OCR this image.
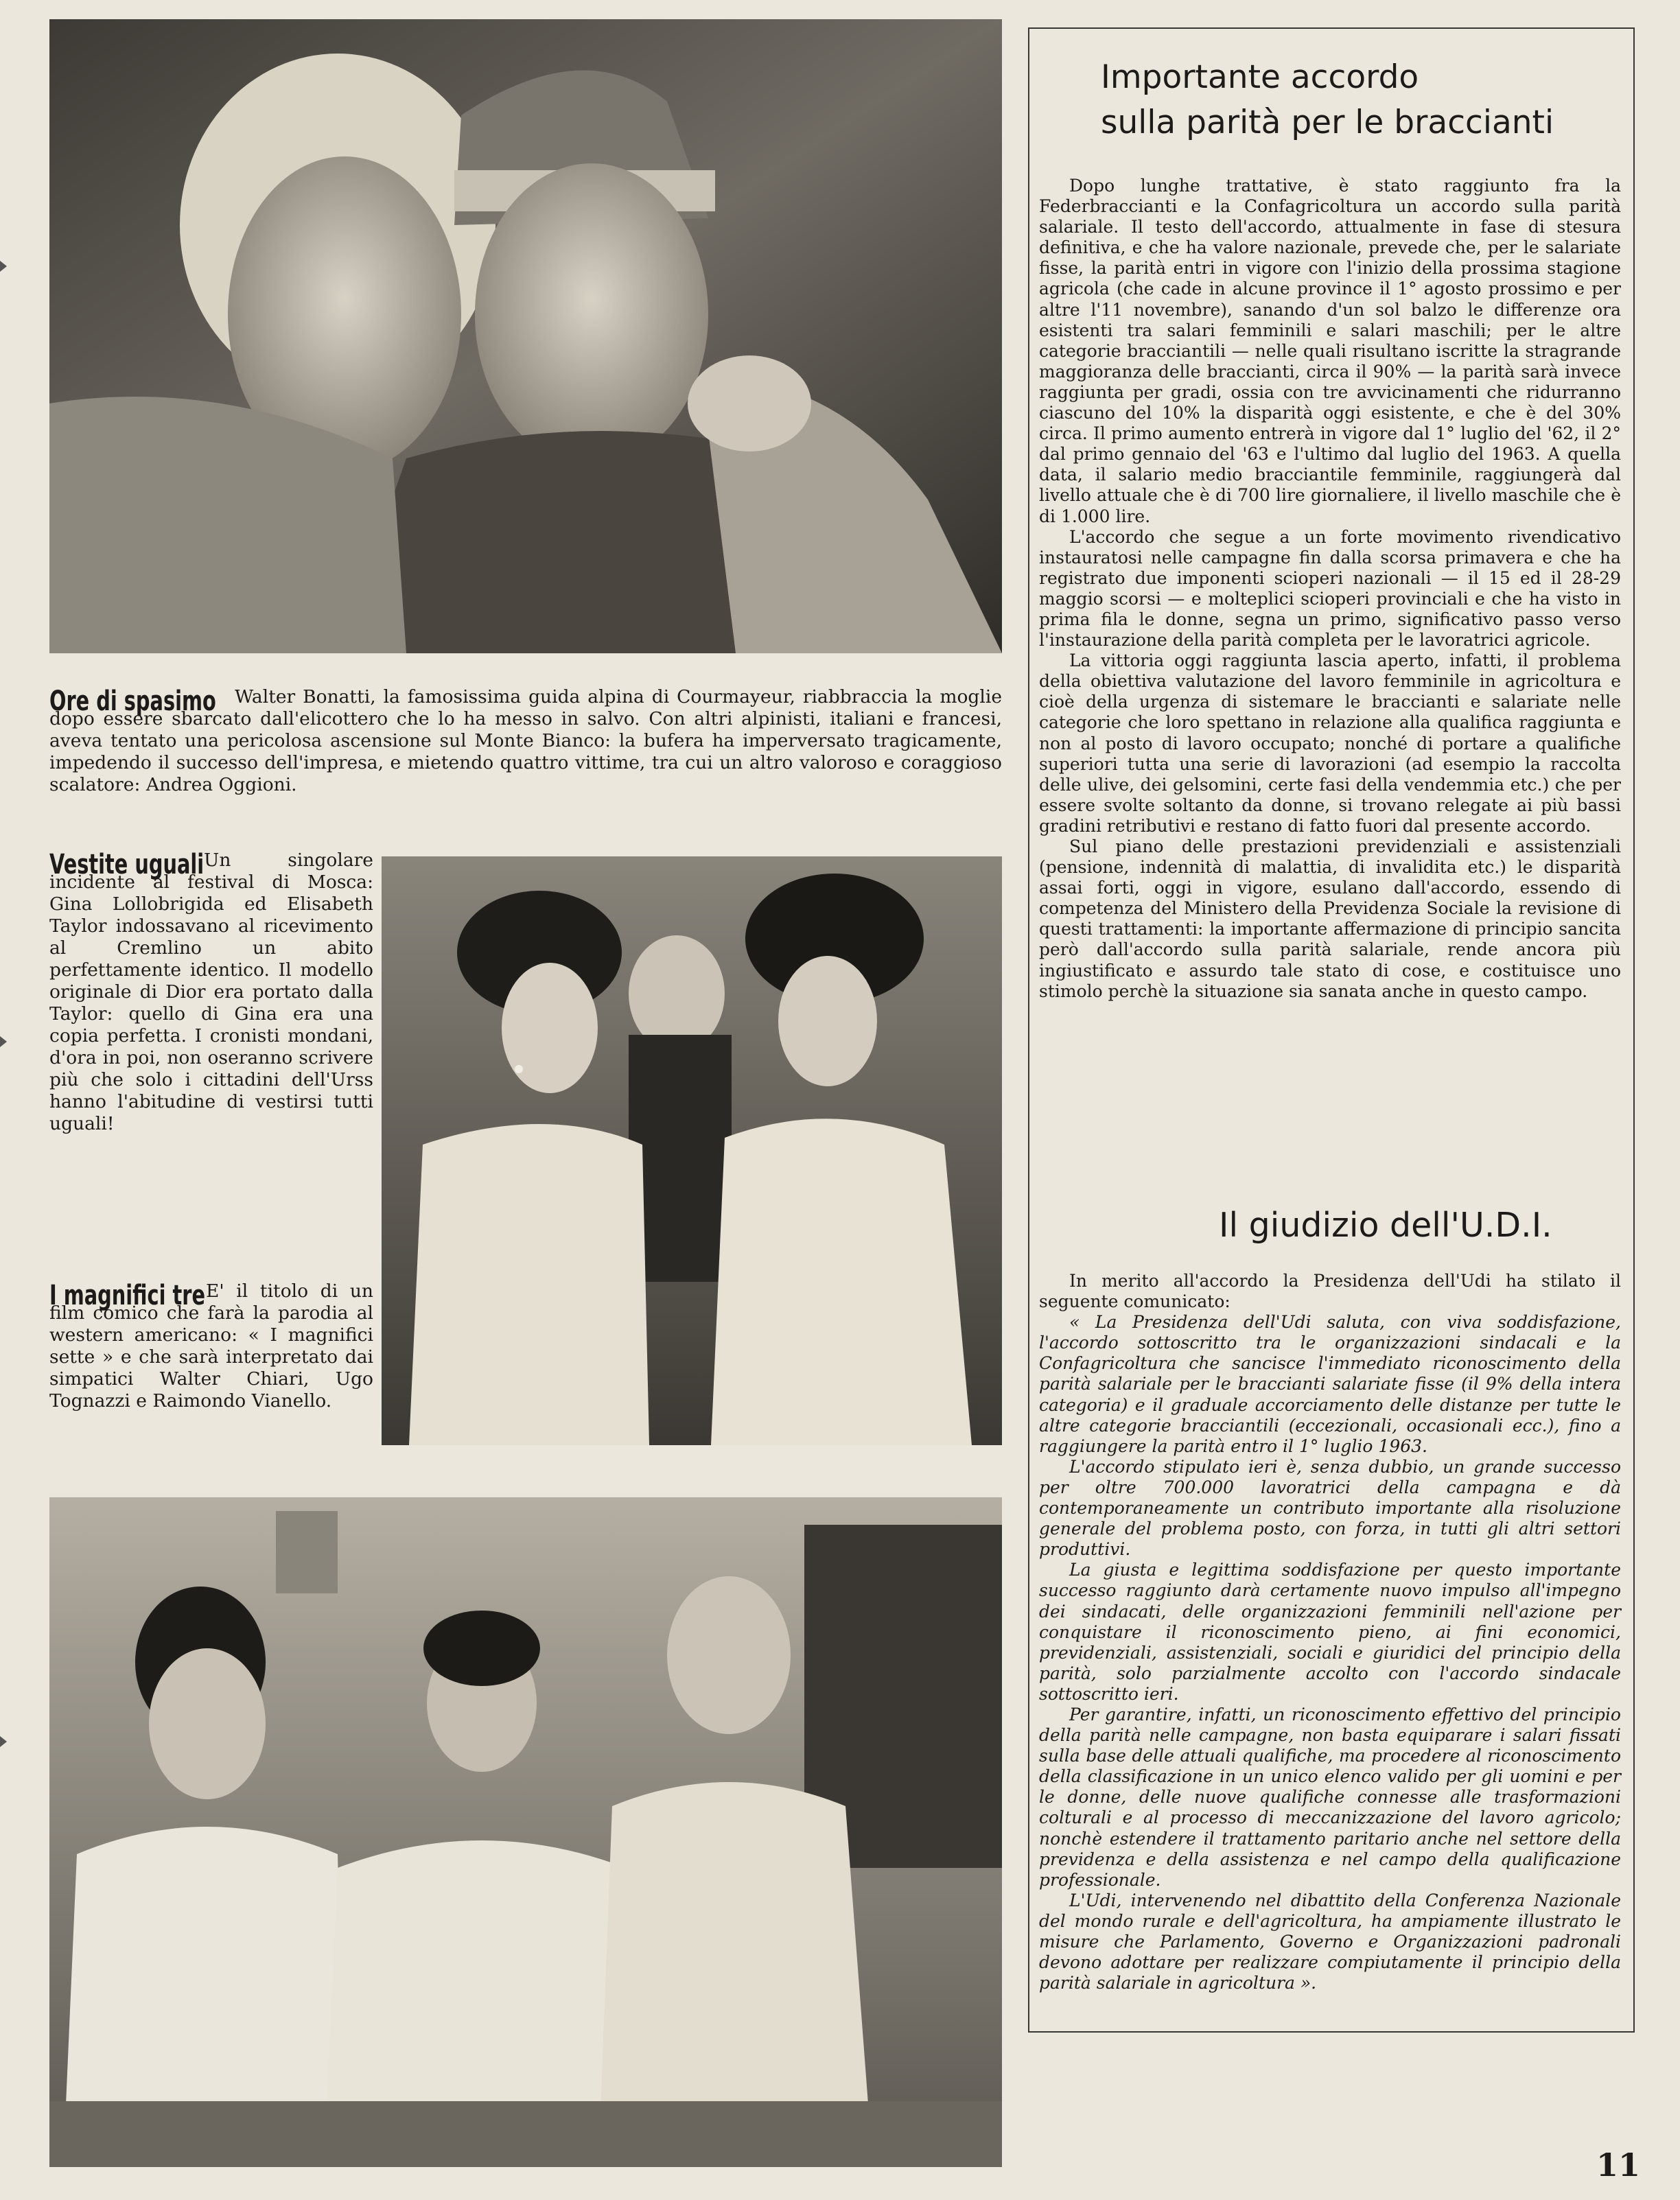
Ore di spasimo	Walter Bonatti, la famosissima guida alpina di Courmayeur, riabbraccia la moglie dopo essere sbarcato dall'elicottero che lo ha messo in salvo. Con altri alpinisti, italiani e francesi, aveva tentato una pericolosa ascensione sul Monte Bianco: la bufera ha imperversato tragicamente, impedendo il successo dell'impresa, e mietendo quattro vittime, tra cui un altro valoroso e coraggioso scalatore: Andrea Oggioni.
Vestite uguali Un singolare incidente al festival di Mosca: Gina Lollobrigida ed Elisabeth Taylor indossavano al ricevimento al Cremlino un abito perfettamente identico. Il modello originale di Dior era portato dalla Taylor: quello di Gina era una copia perfetta. I cronisti mondani, d'ora in poi, non oseranno scrivere più che solo i cittadini dell'Urss hanno l'abitudine di vestirsi tutti uguali!
I magnifici tre E' il titolo di un film comico che farà la parodia al western americano: « I magnifici sette » e che sarà interpretato dai simpatici Walter Chiari, Ugo Tognazzi e Raimondo Vianello.
Importante accordo
sulla parità per le braccianti

Dopo lunghe trattative, è stato raggiunto fra la Federbraccianti e la Confagricoltura un accordo sulla parità salariale. Il testo dell'accordo, attualmente in fase di stesura definitiva, e che ha valore nazionale, prevede che, per le salariate fisse, la parità entri in vigore con l'inizio della prossima stagione agricola (che cade in alcune province il 1° agosto prossimo e per altre l'11 novembre), sanando d'un sol balzo le differenze ora esistenti tra salari femminili e salari maschili; per le altre categorie bracciantili — nelle quali risultano iscritte la stragrande maggioranza delle braccianti, circa il 90% — la parità sarà invece raggiunta per gradi, ossia con tre avvicinamenti che ridurranno ciascuno del 10% la disparità oggi esistente, e che è del 30% circa. Il primo aumento entrerà in vigore dal 1° luglio del '62, il 2° dal primo gennaio del '63 e l'ultimo dal luglio del 1963. A quella data, il salario medio bracciantile femminile, raggiungerà dal livello attuale che è di 700 lire giornaliere, il livello maschile che è di 1.000 lire.

L'accordo che segue a un forte movimento rivendicativo instauratosi nelle campagne fin dalla scorsa primavera e che ha registrato due imponenti scioperi nazionali — il 15 ed il 28-29 maggio scorsi — e molteplici scioperi provinciali e che ha visto in prima fila le donne, segna un primo, significativo passo verso l'instaurazione della parità completa per le lavoratrici agricole.

La vittoria oggi raggiunta lascia aperto, infatti, il problema della obiettiva valutazione del lavoro femminile in agricoltura e cioè della urgenza di sistemare le braccianti e salariate nelle categorie che loro spettano in relazione alla qualifica raggiunta e non al posto di lavoro occupato; nonché di portare a qualifiche superiori tutta una serie di lavorazioni (ad esempio la raccolta delle ulive, dei gelsomini, certe fasi della vendemmia etc.) che per essere svolte soltanto da donne, si trovano relegate ai più bassi gradini retributivi e restano di fatto fuori dal presente accordo.

Sul piano delle prestazioni previdenziali e assistenziali (pensione, indennità di malattia, di invalidita etc.) le disparità assai forti, oggi in vigore, esulano dall'accordo, essendo di competenza del Ministero della Previdenza Sociale la revisione di questi trattamenti: la importante affermazione di principio sancita però dall'accordo sulla parità salariale, rende ancora più ingiustificato e assurdo tale stato di cose, e costituisce uno stimolo perchè la situazione sia sanata anche in questo campo.

Il giudizio dell'U.D.I.

In merito all'accordo la Presidenza dell'Udi ha stilato il seguente comunicato:

« La Presidenza dell'Udi saluta, con viva soddisfazione, l'accordo sottoscritto tra le organizzazioni sindacali e la Confagricoltura che sancisce l'immediato riconoscimento della parità salariale per le braccianti salariate fisse (il 9% della intera categoria) e il graduale accorciamento delle distanze per tutte le altre categorie bracciantili (eccezionali, occasionali ecc.), fino a raggiungere la parità entro il 1° luglio 1963.

L'accordo stipulato ieri è, senza dubbio, un grande successo per oltre 700.000 lavoratrici della campagna e dà contemporaneamente un contributo importante alla risoluzione generale del problema posto, con forza, in tutti gli altri settori produttivi.

La giusta e legittima soddisfazione per questo importante successo raggiunto darà certamente nuovo impulso all'impegno dei sindacati, delle organizzazioni femminili nell'azione per conquistare il riconoscimento pieno, ai fini economici, previdenziali, assistenziali, sociali e giuridici del principio della parità, solo parzialmente accolto con l'accordo sindacale sottoscritto ieri.

Per garantire, infatti, un riconoscimento effettivo del principio della parità nelle campagne, non basta equiparare i salari fissati sulla base delle attuali qualifiche, ma procedere al riconoscimento della classificazione in un unico elenco valido per gli uomini e per le donne, delle nuove qualifiche connesse alle trasformazioni colturali e al processo di meccanizzazione del lavoro agricolo; nonchè estendere il trattamento paritario anche nel settore della previdenza e della assistenza e nel campo della qualificazione professionale.

L'Udi, intervenendo nel dibattito della Conferenza Nazionale del mondo rurale e dell'agricoltura, ha ampiamente illustrato le misure che Parlamento, Governo e Organizzazioni padronali devono adottare per realizzare compiutamente il principio della parità salariale in agricoltura ».

11
